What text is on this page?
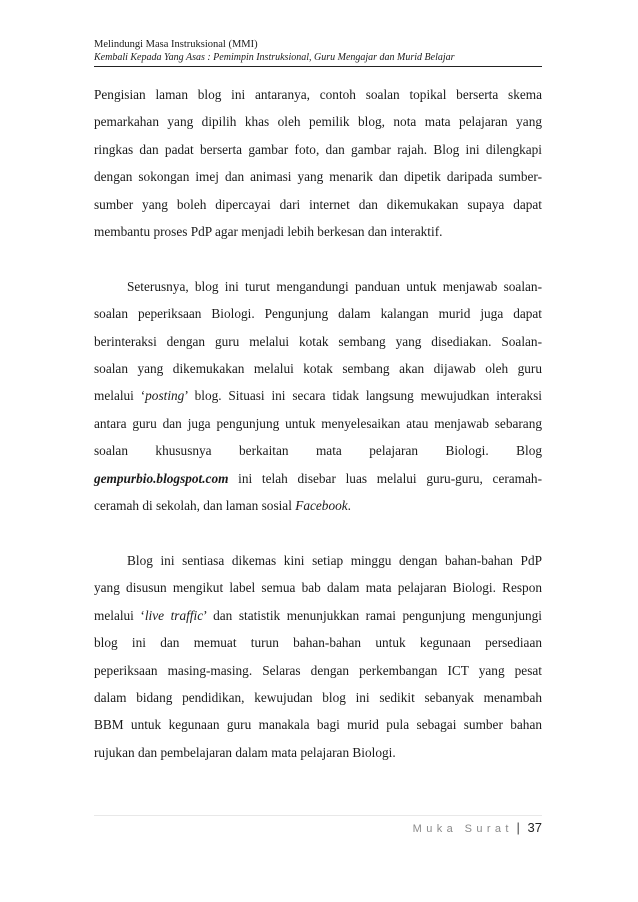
Melindungi Masa Instruksional (MMI)
Kembali Kepada Yang Asas : Pemimpin Instruksional, Guru Mengajar dan Murid Belajar

Pengisian laman blog ini antaranya, contoh soalan topikal berserta skema
pemarkahan yang dipilih khas oleh pemilik blog, nota mata pelajaran yang
ringkas dan padat berserta gambar foto, dan gambar rajah. Blog ini dilengkapi
dengan sokongan imej dan animasi yang menarik dan dipetik daripada sumber-
sumber yang boleh dipercayai dari internet dan dikemukakan supaya dapat
membantu proses PdP agar menjadi lebih berkesan dan interaktif.

Seterusnya, blog ini turut mengandungi panduan untuk menjawab soalan-
soalan peperiksaan Biologi. Pengunjung dalam kalangan murid juga dapat
berinteraksi dengan guru melalui kotak sembang yang disediakan. Soalan-
soalan yang dikemukakan melalui kotak sembang akan dijawab oleh guru
melalui ‘posting’ blog. Situasi ini secara tidak langsung mewujudkan interaksi
antara guru dan juga pengunjung untuk menyelesaikan atau menjawab sebarang
soalan khususnya berkaitan mata pelajaran Biologi. Blog
gempurbio.blogspot.com ini telah disebar luas melalui guru-guru, ceramah-
ceramah di sekolah, dan laman sosial Facebook.

Blog ini sentiasa dikemas kini setiap minggu dengan bahan-bahan PdP
yang disusun mengikut label semua bab dalam mata pelajaran Biologi. Respon
melalui ‘live traffic’ dan statistik menunjukkan ramai pengunjung mengunjungi
blog ini dan memuat turun bahan-bahan untuk kegunaan persediaan
peperiksaan masing-masing. Selaras dengan perkembangan ICT yang pesat
dalam bidang pendidikan, kewujudan blog ini sedikit sebanyak menambah
BBM untuk kegunaan guru manakala bagi murid pula sebagai sumber bahan
rujukan dan pembelajaran dalam mata pelajaran Biologi.

Muka Surat | 37
